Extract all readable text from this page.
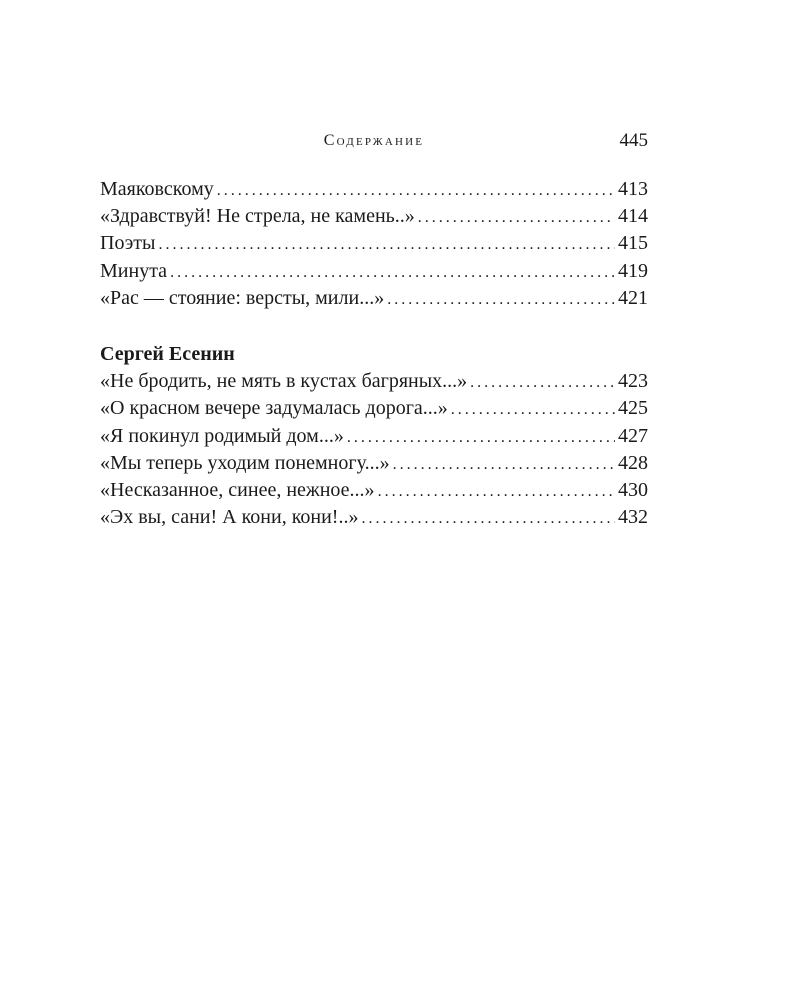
Содержание	445
Маяковскому . . .	413
«Здравствуй! Не стрела, не камень..» . . .	414
Поэты . . .	415
Минута . . .	419
«Рас — стояние: версты, мили...» . . .	421
Сергей Есенин
«Не бродить, не мять в кустах багряных...» . . .	423
«О красном вечере задумалась дорога...» . . .	425
«Я покинул родимый дом...» . . .	427
«Мы теперь уходим понемногу...» . . .	428
«Несказанное, синее, нежное...» . . .	430
«Эх вы, сани! А кони, кони!..» . . .	432
